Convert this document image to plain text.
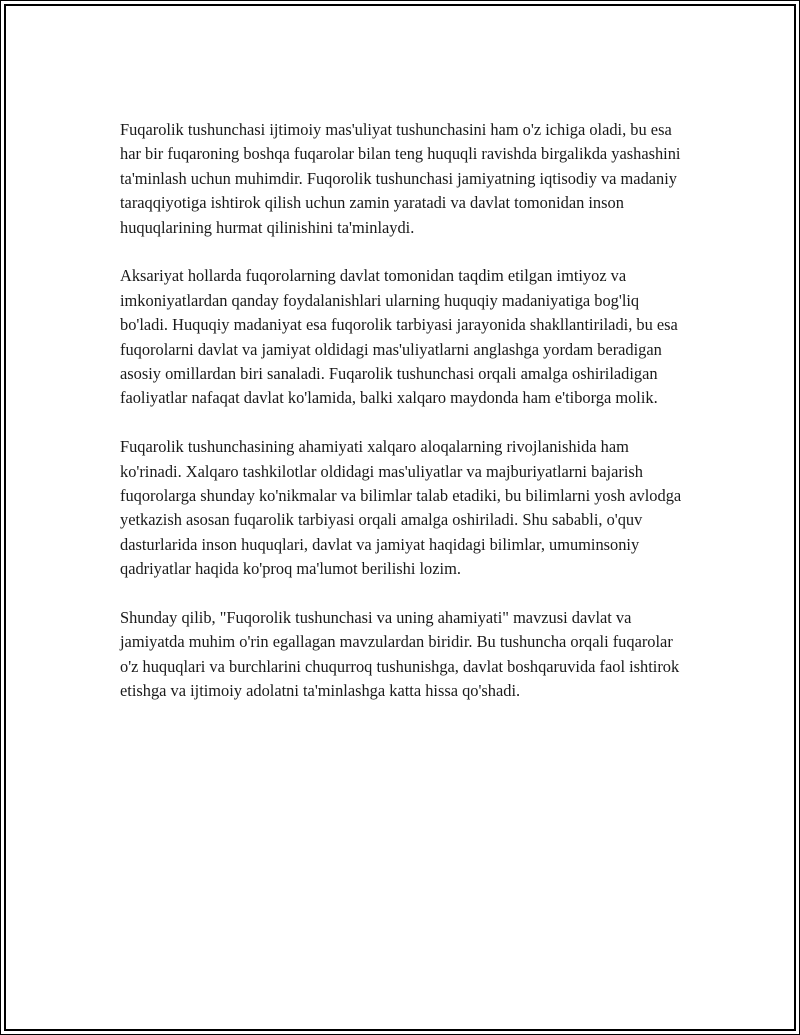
Fuqarolik tushunchasi ijtimoiy mas'uliyat tushunchasini ham o'z ichiga oladi, bu esa har bir fuqaroning boshqa fuqarolar bilan teng huquqli ravishda birgalikda yashashini ta'minlash uchun muhimdir. Fuqorolik tushunchasi jamiyatning iqtisodiy va madaniy taraqqiyotiga ishtirok qilish uchun zamin yaratadi va davlat tomonidan inson huquqlarining hurmat qilinishini ta'minlaydi.

Aksariyat hollarda fuqorolarning davlat tomonidan taqdim etilgan imtiyoz va imkoniyatlardan qanday foydalanishlari ularning huquqiy madaniyatiga bog'liq bo'ladi. Huquqiy madaniyat esa fuqorolik tarbiyasi jarayonida shakllantiriladi, bu esa fuqorolarni davlat va jamiyat oldidagi mas'uliyatlarni anglashga yordam beradigan asosiy omillardan biri sanaladi. Fuqarolik tushunchasi orqali amalga oshiriladigan faoliyatlar nafaqat davlat ko'lamida, balki xalqaro maydonda ham e'tiborga molik.

Fuqarolik tushunchasining ahamiyati xalqaro aloqalarning rivojlanishida ham ko'rinadi. Xalqaro tashkilotlar oldidagi mas'uliyatlar va majburiyatlarni bajarish fuqorolarga shunday ko'nikmalar va bilimlar talab etadiki, bu bilimlarni yosh avlodga yetkazish asosan fuqarolik tarbiyasi orqali amalga oshiriladi. Shu sababli, o'quv dasturlarida inson huquqlari, davlat va jamiyat haqidagi bilimlar, umuminsoniy qadriyatlar haqida ko'proq ma'lumot berilishi lozim.

Shunday qilib, "Fuqorolik tushunchasi va uning ahamiyati" mavzusi davlat va jamiyatda muhim o'rin egallagan mavzulardan biridir. Bu tushuncha orqali fuqarolar o'z huquqlari va burchlarini chuqurroq tushunishga, davlat boshqaruvida faol ishtirok etishga va ijtimoiy adolatni ta'minlashga katta hissa qo'shadi.
